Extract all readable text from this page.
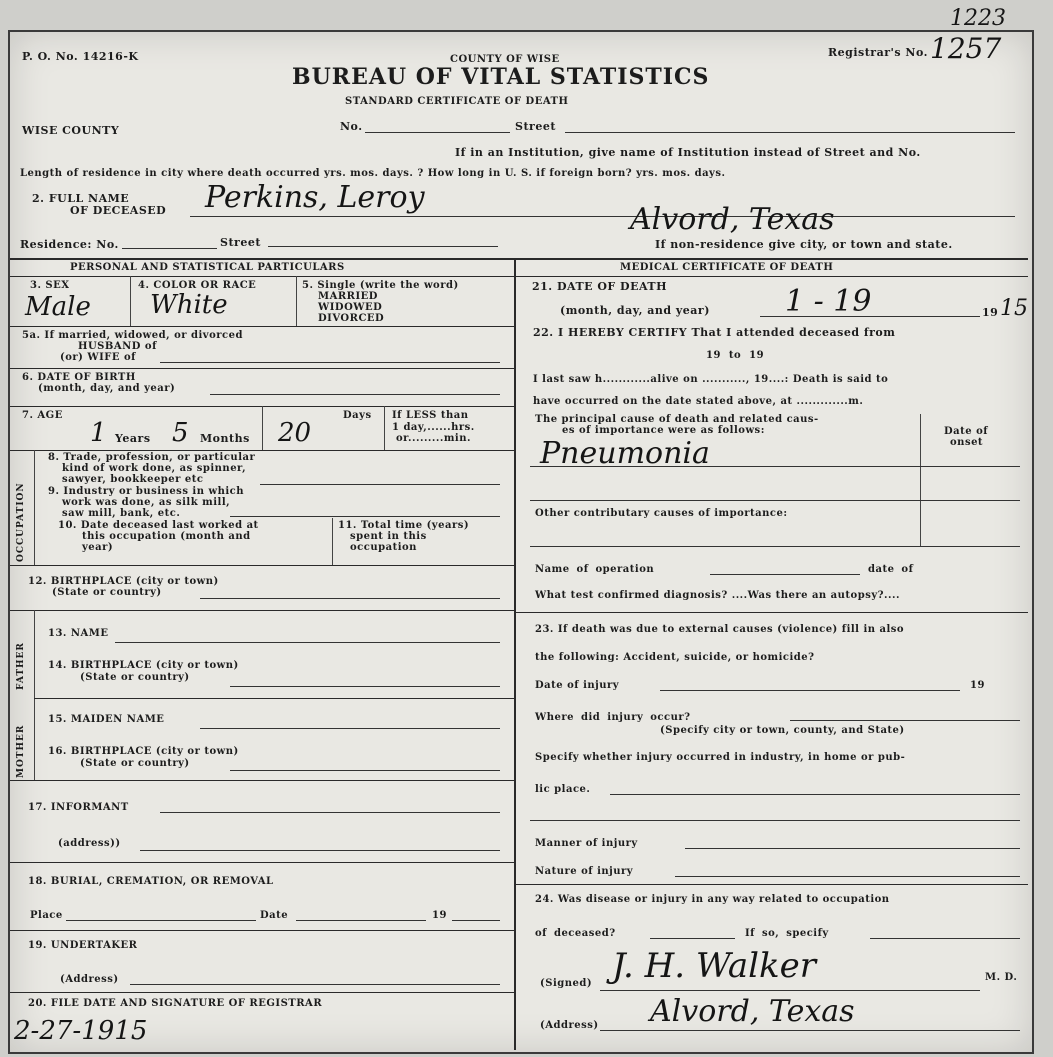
P. O. No. 14216-K	COUNTY OF WISE
BUREAU OF VITAL STATISTICS
STANDARD CERTIFICATE OF DEATH
Registrar's No. 1257
1223
WISE COUNTY	No.	Street
If in an Institution, give name of Institution instead of Street and No.
Length of residence in city where death occurred yrs. mos. days. ? How long in U. S. if foreign born? yrs. mos. days.
2. FULL NAME
OF DECEASED Perkins, Leroy
Residence: No.	Street
Alvord, Texas
If non-residence give city, or town and state.
PERSONAL AND STATISTICAL PARTICULARS
3. SEX
Male
4. COLOR OR RACE
White
5. Single (write the word)
MARRIED
WIDOWED
DIVORCED
5a. If married, widowed, or divorced
HUSBAND of
(or) WIFE of
6. DATE OF BIRTH
(month, day, and year)
7. AGE
1 Years 5 Months 20
Days If LESS than
1 day,......hrs.
or.........min.
OCCUPATION
8. Trade, profession, or particular
kind of work done, as spinner,
sawyer, bookkeeper etc
9. Industry or business in which
work was done, as silk mill,
saw mill, bank, etc.
10. Date deceased last worked at
this occupation (month and
year)
11. Total time (years)
spent in this
occupation
12. BIRTHPLACE (city or town)
(State or country)
FATHER
MOTHER
13. NAME
14. BIRTHPLACE (city or town)
(State or country)
15. MAIDEN NAME
16. BIRTHPLACE (city or town)
(State or country)
17. INFORMANT
(address))
18. BURIAL, CREMATION, OR REMOVAL
Place	Date	19
19. UNDERTAKER
(Address)
20. FILE DATE AND SIGNATURE OF REGISTRAR
2-27-1915
MEDICAL CERTIFICATE OF DEATH
21. DATE OF DEATH
(month, day, and year)	1 - 19	19 15
22. I HEREBY CERTIFY That I attended deceased from
19 to 19
I last saw h............alive on ..........., 19....: Death is said to
have occurred on the date stated above, at .............m.
The principal cause of death and related caus-
es of importance were as follows:	Date of
onset
Pneumonia
Other contributary causes of importance:
Name of operation	date of
What test confirmed diagnosis? ....Was there an autopsy?....
23. If death was due to external causes (violence) fill in also
the following: Accident, suicide, or homicide?
Date of injury	19
Where did injury occur?
(Specify city or town, county, and State)
Specify whether injury occurred in industry, in home or pub-
lic place.
Manner of injury
Nature of injury
24. Was disease or injury in any way related to occupation
of deceased?	If so, specify
(Signed) J. H. Walker	M. D.
(Address) Alvord, Texas
